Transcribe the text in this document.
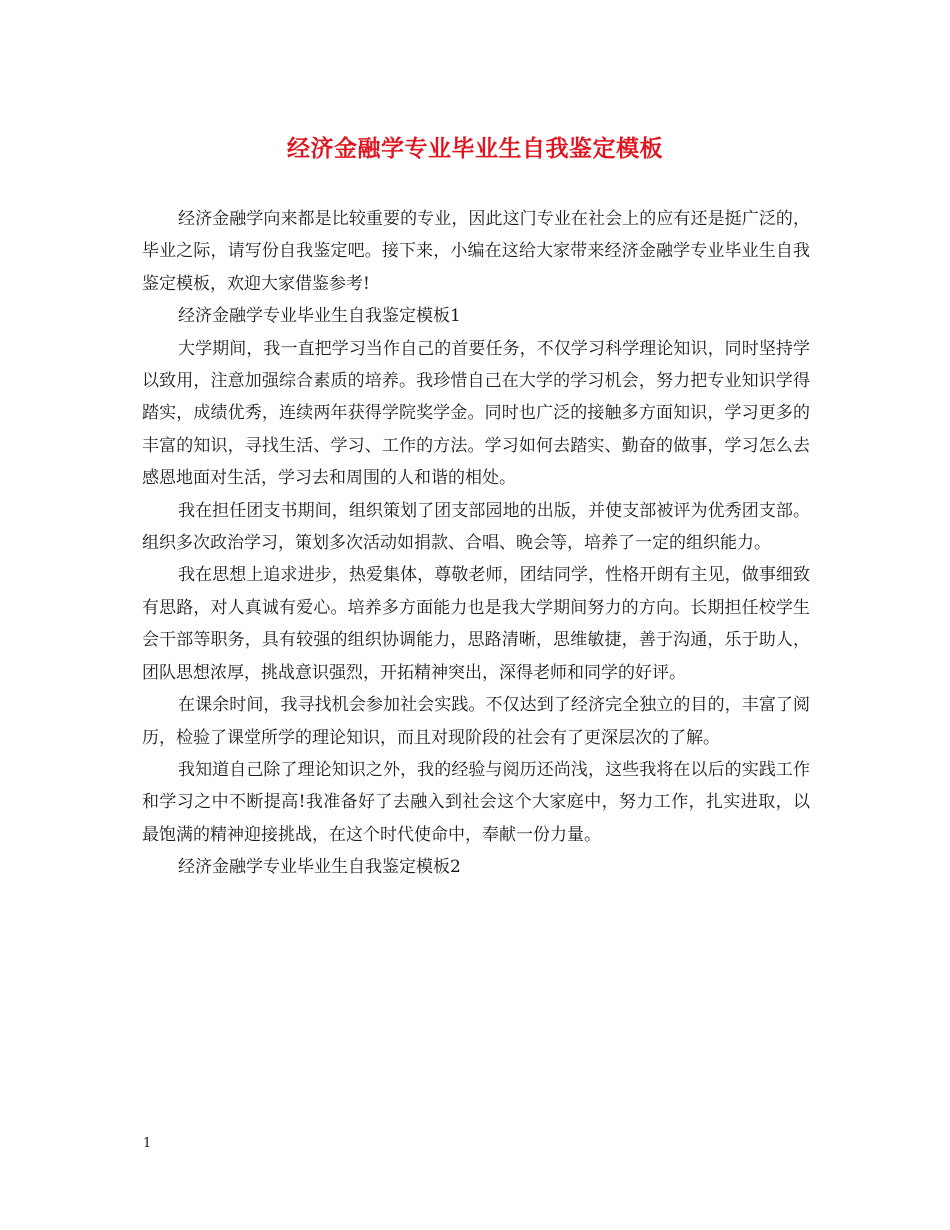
经济金融学专业毕业生自我鉴定模板

经济金融学向来都是比较重要的专业，因此这门专业在社会上的应有还是挺广泛的，毕业之际，请写份自我鉴定吧。接下来，小编在这给大家带来经济金融学专业毕业生自我鉴定模板，欢迎大家借鉴参考!

经济金融学专业毕业生自我鉴定模板1

大学期间，我一直把学习当作自己的首要任务，不仅学习科学理论知识，同时坚持学以致用，注意加强综合素质的培养。我珍惜自己在大学的学习机会，努力把专业知识学得踏实，成绩优秀，连续两年获得学院奖学金。同时也广泛的接触多方面知识，学习更多的丰富的知识，寻找生活、学习、工作的方法。学习如何去踏实、勤奋的做事，学习怎么去感恩地面对生活，学习去和周围的人和谐的相处。

我在担任团支书期间，组织策划了团支部园地的出版，并使支部被评为优秀团支部。组织多次政治学习，策划多次活动如捐款、合唱、晚会等，培养了一定的组织能力。

我在思想上追求进步，热爱集体，尊敬老师，团结同学，性格开朗有主见，做事细致有思路，对人真诚有爱心。培养多方面能力也是我大学期间努力的方向。长期担任校学生会干部等职务，具有较强的组织协调能力，思路清晰，思维敏捷，善于沟通，乐于助人，团队思想浓厚，挑战意识强烈，开拓精神突出，深得老师和同学的好评。

在课余时间，我寻找机会参加社会实践。不仅达到了经济完全独立的目的，丰富了阅历，检验了课堂所学的理论知识，而且对现阶段的社会有了更深层次的了解。

我知道自己除了理论知识之外，我的经验与阅历还尚浅，这些我将在以后的实践工作和学习之中不断提高!我准备好了去融入到社会这个大家庭中，努力工作，扎实进取，以最饱满的精神迎接挑战，在这个时代使命中，奉献一份力量。

经济金融学专业毕业生自我鉴定模板2

1
